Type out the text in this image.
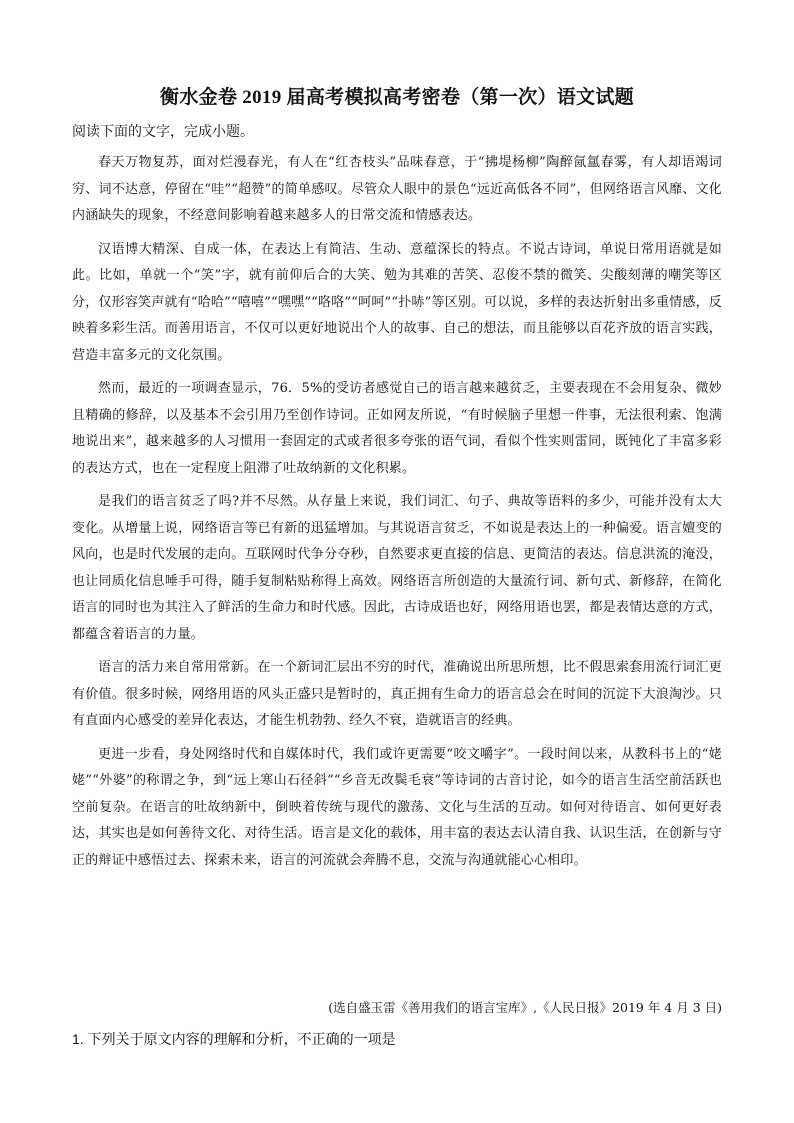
衡水金卷 2019 届高考模拟高考密卷（第一次）语文试题
阅读下面的文字，完成小题。

春天万物复苏，面对烂漫春光，有人在“红杏枝头”品味春意，于“拂堤杨柳”陶醉氤氲春雾，有人却语竭词穷、词不达意，停留在“哇”“超赞”的简单感叹。尽管众人眼中的景色“远近高低各不同”，但网络语言风靡、文化内涵缺失的现象，不经意间影响着越来越多人的日常交流和情感表达。

汉语博大精深、自成一体，在表达上有简洁、生动、意蕴深长的特点。不说古诗词，单说日常用语就是如此。比如，单就一个“笑”字，就有前仰后合的大笑、勉为其难的苦笑、忍俊不禁的微笑、尖酸刻薄的嘲笑等区分，仅形容笑声就有“哈哈”“嘻嘻”“嘿嘿”“咯咯”“呵呵”“扑哧”等区别。可以说，多样的表达折射出多重情感，反映着多彩生活。而善用语言，不仅可以更好地说出个人的故事、自己的想法，而且能够以百花齐放的语言实践，营造丰富多元的文化氛围。

然而，最近的一项调查显示，76．5%的受访者感觉自己的语言越来越贫乏，主要表现在不会用复杂、微妙且精确的修辞，以及基本不会引用乃至创作诗词。正如网友所说，“有时候脑子里想一件事，无法很利索、饱满地说出来”，越来越多的人习惯用一套固定的式或者很多夸张的语气词，看似个性实则雷同，既钝化了丰富多彩的表达方式，也在一定程度上阻滞了吐故纳新的文化积累。

是我们的语言贫乏了吗?并不尽然。从存量上来说，我们词汇、句子、典故等语料的多少，可能并没有太大变化。从增量上说，网络语言等已有新的迅猛增加。与其说语言贫乏，不如说是表达上的一种偏爱。语言嬗变的风向，也是时代发展的走向。互联网时代争分夺秒，自然要求更直接的信息、更简洁的表达。信息洪流的淹没，也让同质化信息唾手可得，随手复制粘贴称得上高效。网络语言所创造的大量流行词、新句式、新修辞，在简化语言的同时也为其注入了鲜活的生命力和时代感。因此，古诗成语也好，网络用语也罢，都是表情达意的方式，都蕴含着语言的力量。

语言的活力来自常用常新。在一个新词汇层出不穷的时代，准确说出所思所想，比不假思索套用流行词汇更有价值。很多时候，网络用语的风头正盛只是暂时的，真正拥有生命力的语言总会在时间的沉淀下大浪淘沙。只有直面内心感受的差异化表达，才能生机勃勃、经久不衰，造就语言的经典。

更进一步看，身处网络时代和自媒体时代，我们或许更需要“咬文嚼字”。一段时间以来，从教科书上的“姥姥”“外婆”的称谓之争，到“远上寒山石径斜”“乡音无改鬓毛衰”等诗词的古音讨论，如今的语言生活空前活跃也空前复杂。在语言的吐故纳新中，倒映着传统与现代的激荡、文化与生活的互动。如何对待语言、如何更好表达，其实也是如何善待文化、对待生活。语言是文化的载体，用丰富的表达去认清自我、认识生活，在创新与守正的辩证中感悟过去、探索未来，语言的河流就会奔腾不息，交流与沟通就能心心相印。

(选自盛玉雷《善用我们的语言宝库》,《人民日报》2019 年 4 月 3 日)
1. 下列关于原文内容的理解和分析，不正确的一项是
